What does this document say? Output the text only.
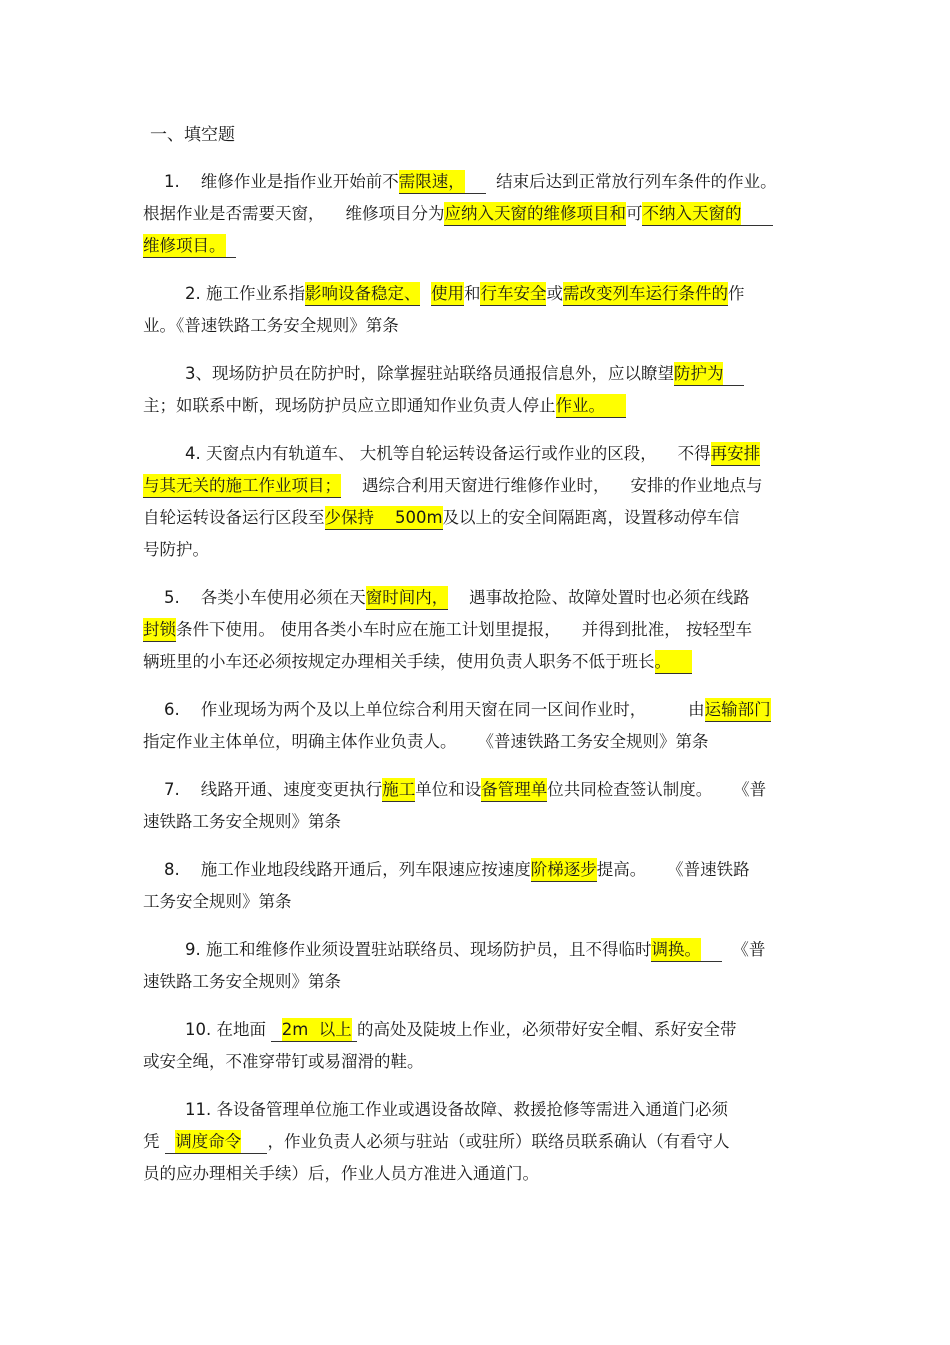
一、填空题
1.    维修作业是指作业开始前不需限速，      结束后达到正常放行列车条件的作业。
根据作业是否需要天窗，    维修项目分为应纳入天窗的维修项目和可不纳入天窗的
维修项目。
2. 施工作业系指影响设备稳定、 使用和行车安全或需改变列车运行条件的作
业。《普速铁路工务安全规则》第条
3、现场防护员在防护时，除掌握驻站联络员通报信息外，应以瞭望防护为
主；如联系中断，现场防护员应立即通知作业负责人停止作业。
4. 天窗点内有轨道车、 大机等自轮运转设备运行或作业的区段，    不得再安排
与其无关的施工作业项目；    遇综合利用天窗进行维修作业时，    安排的作业地点与
自轮运转设备运行区段至少保持    500m及以上的安全间隔距离，设置移动停车信
号防护。
5.    各类小车使用必须在天窗时间内，    遇事故抢险、故障处置时也必须在线路
封锁条件下使用。 使用各类小车时应在施工计划里提报，    并得到批准， 按轻型车
辆班里的小车还必须按规定办理相关手续，使用负责人职务不低于班长。
6.    作业现场为两个及以上单位综合利用天窗在同一区间作业时，        由运输部门
指定作业主体单位，明确主体作业负责人。    《普速铁路工务安全规则》第条
7.    线路开通、速度变更执行施工单位和设备管理单位共同检查签认制度。    《普
速铁路工务安全规则》第条
8.    施工作业地段线路开通后，列车限速应按速度阶梯逐步提高。    《普速铁路
工务安全规则》第条
9. 施工和维修作业须设置驻站联络员、现场防护员，且不得临时调换。      《普
速铁路工务安全规则》第条
10. 在地面   2m  以上 的高处及陡坡上作业，必须带好安全帽、系好安全带
或安全绳，不准穿带钉或易溜滑的鞋。
11. 各设备管理单位施工作业或遇设备故障、救援抢修等需进入通道门必须
凭   调度命令 ，作业负责人必须与驻站（或驻所）联络员联系确认（有看守人
员的应办理相关手续）后，作业人员方准进入通道门。
